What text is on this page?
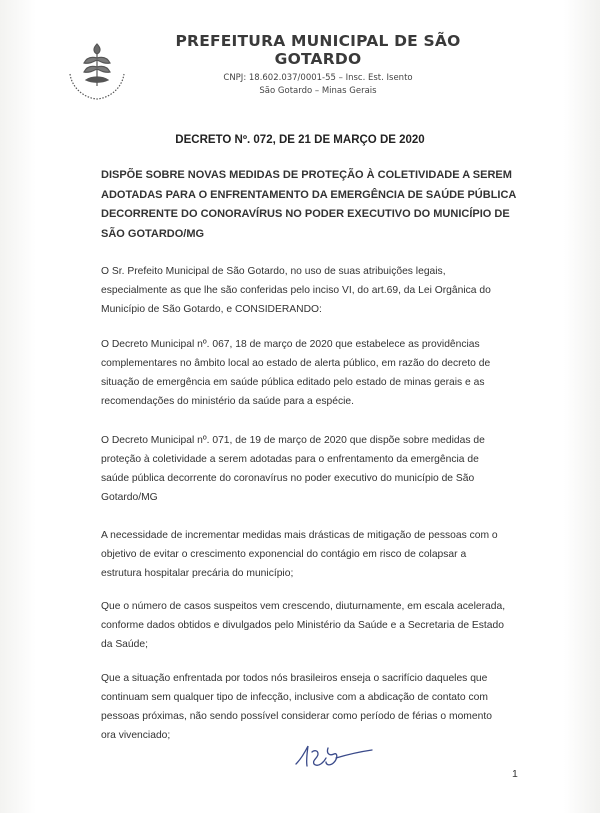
PREFEITURA MUNICIPAL DE SÃO GOTARDO
CNPJ: 18.602.037/0001-55 – Insc. Est. Isento
São Gotardo – Minas Gerais
DECRETO Nº. 072, DE 21 DE MARÇO DE 2020
DISPÕE SOBRE NOVAS MEDIDAS DE PROTEÇÃO À COLETIVIDADE A SEREM
ADOTADAS PARA O ENFRENTAMENTO DA EMERGÊNCIA DE SAÚDE PÚBLICA
DECORRENTE DO CONORAVÍRUS NO PODER EXECUTIVO DO MUNICÍPIO DE
SÃO GOTARDO/MG
O Sr. Prefeito Municipal de São Gotardo, no uso de suas atribuições legais,
especialmente as que lhe são conferidas pelo inciso VI, do art.69, da Lei Orgânica do
Município de São Gotardo, e CONSIDERANDO:
O Decreto Municipal nº. 067, 18 de março de 2020 que estabelece as providências
complementares no âmbito local ao estado de alerta público, em razão do decreto de
situação de emergência em saúde pública editado pelo estado de minas gerais e as
recomendações do ministério da saúde para a espécie.
O Decreto Municipal nº. 071, de 19 de março de 2020 que dispõe sobre medidas de
proteção à coletividade a serem adotadas para o enfrentamento da emergência de
saúde pública decorrente do coronavírus no poder executivo do município de São
Gotardo/MG
A necessidade de incrementar medidas mais drásticas de mitigação de pessoas com o
objetivo de evitar o crescimento exponencial do contágio em risco de colapsar a
estrutura hospitalar precária do município;
Que o número de casos suspeitos vem crescendo, diuturnamente, em escala acelerada,
conforme dados obtidos e divulgados pelo Ministério da Saúde e a Secretaria de Estado
da Saúde;
Que a situação enfrentada por todos nós brasileiros enseja o sacrifício daqueles que
continuam sem qualquer tipo de infecção, inclusive com a abdicação de contato com
pessoas próximas, não sendo possível considerar como período de férias o momento
ora vivenciado;
1
